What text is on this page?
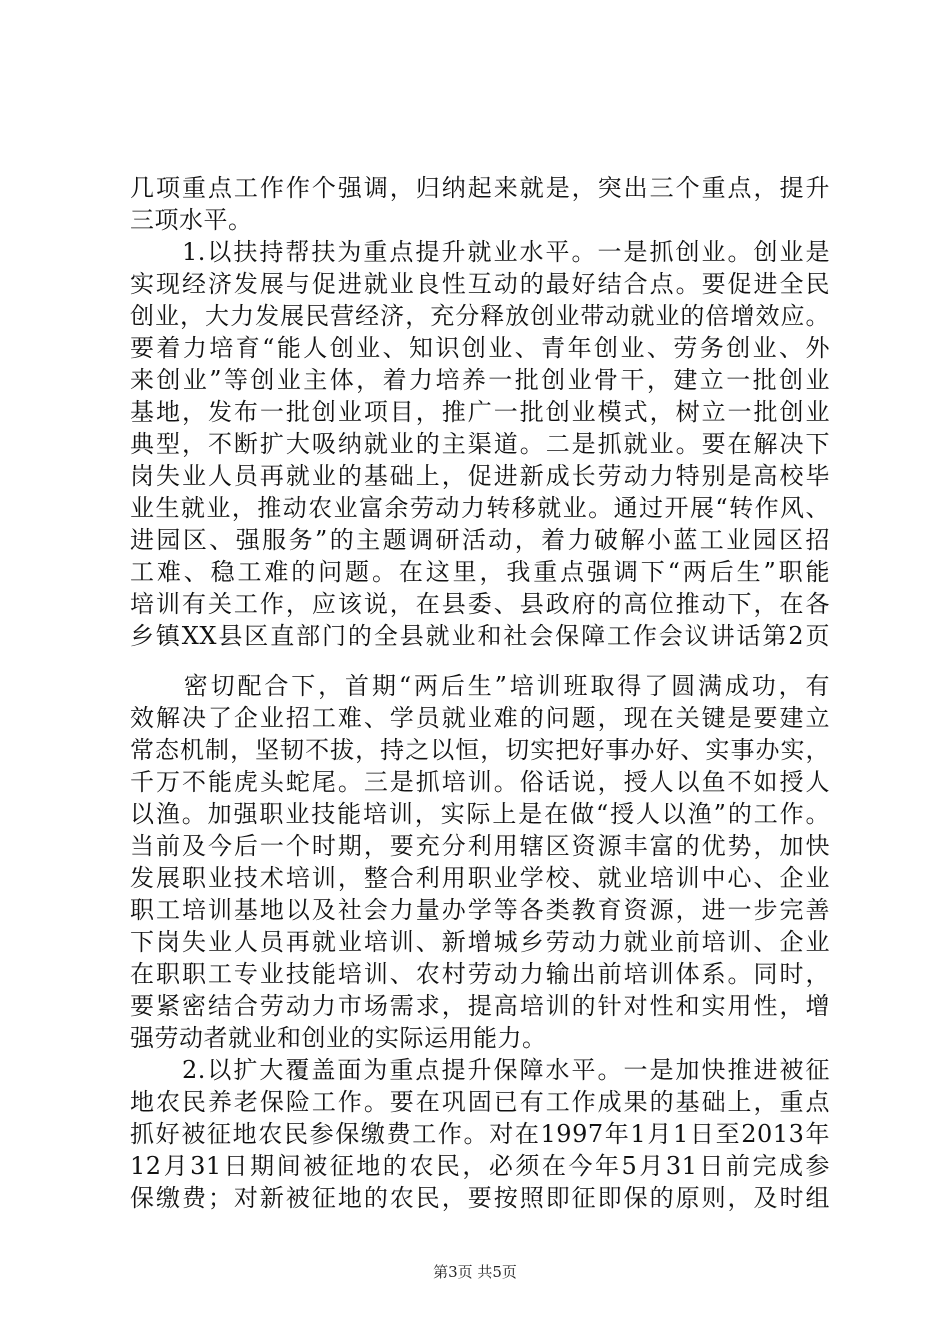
几项重点工作作个强调，归纳起来就是，突出三个重点，提升
三项水平。
　　1.以扶持帮扶为重点提升就业水平。一是抓创业。创业是
实现经济发展与促进就业良性互动的最好结合点。要促进全民
创业，大力发展民营经济，充分释放创业带动就业的倍增效应。
要着力培育“能人创业、知识创业、青年创业、劳务创业、外
来创业”等创业主体，着力培养一批创业骨干，建立一批创业
基地，发布一批创业项目，推广一批创业模式，树立一批创业
典型，不断扩大吸纳就业的主渠道。二是抓就业。要在解决下
岗失业人员再就业的基础上，促进新成长劳动力特别是高校毕
业生就业，推动农业富余劳动力转移就业。通过开展“转作风、
进园区、强服务”的主题调研活动，着力破解小蓝工业园区招
工难、稳工难的问题。在这里，我重点强调下“两后生”职能
培训有关工作，应该说，在县委、县政府的高位推动下，在各
乡镇XX县区直部门的全县就业和社会保障工作会议讲话第2页
　　密切配合下，首期“两后生”培训班取得了圆满成功，有
效解决了企业招工难、学员就业难的问题，现在关键是要建立
常态机制，坚韧不拔，持之以恒，切实把好事办好、实事办实，
千万不能虎头蛇尾。三是抓培训。俗话说，授人以鱼不如授人
以渔。加强职业技能培训，实际上是在做“授人以渔”的工作。
当前及今后一个时期，要充分利用辖区资源丰富的优势，加快
发展职业技术培训，整合利用职业学校、就业培训中心、企业
职工培训基地以及社会力量办学等各类教育资源，进一步完善
下岗失业人员再就业培训、新增城乡劳动力就业前培训、企业
在职职工专业技能培训、农村劳动力输出前培训体系。同时，
要紧密结合劳动力市场需求，提高培训的针对性和实用性，增
强劳动者就业和创业的实际运用能力。
　　2.以扩大覆盖面为重点提升保障水平。一是加快推进被征
地农民养老保险工作。要在巩固已有工作成果的基础上，重点
抓好被征地农民参保缴费工作。对在1997年1月1日至2013年
12月31日期间被征地的农民，必须在今年5月31日前完成参
保缴费；对新被征地的农民，要按照即征即保的原则，及时组
第3页 共5页
